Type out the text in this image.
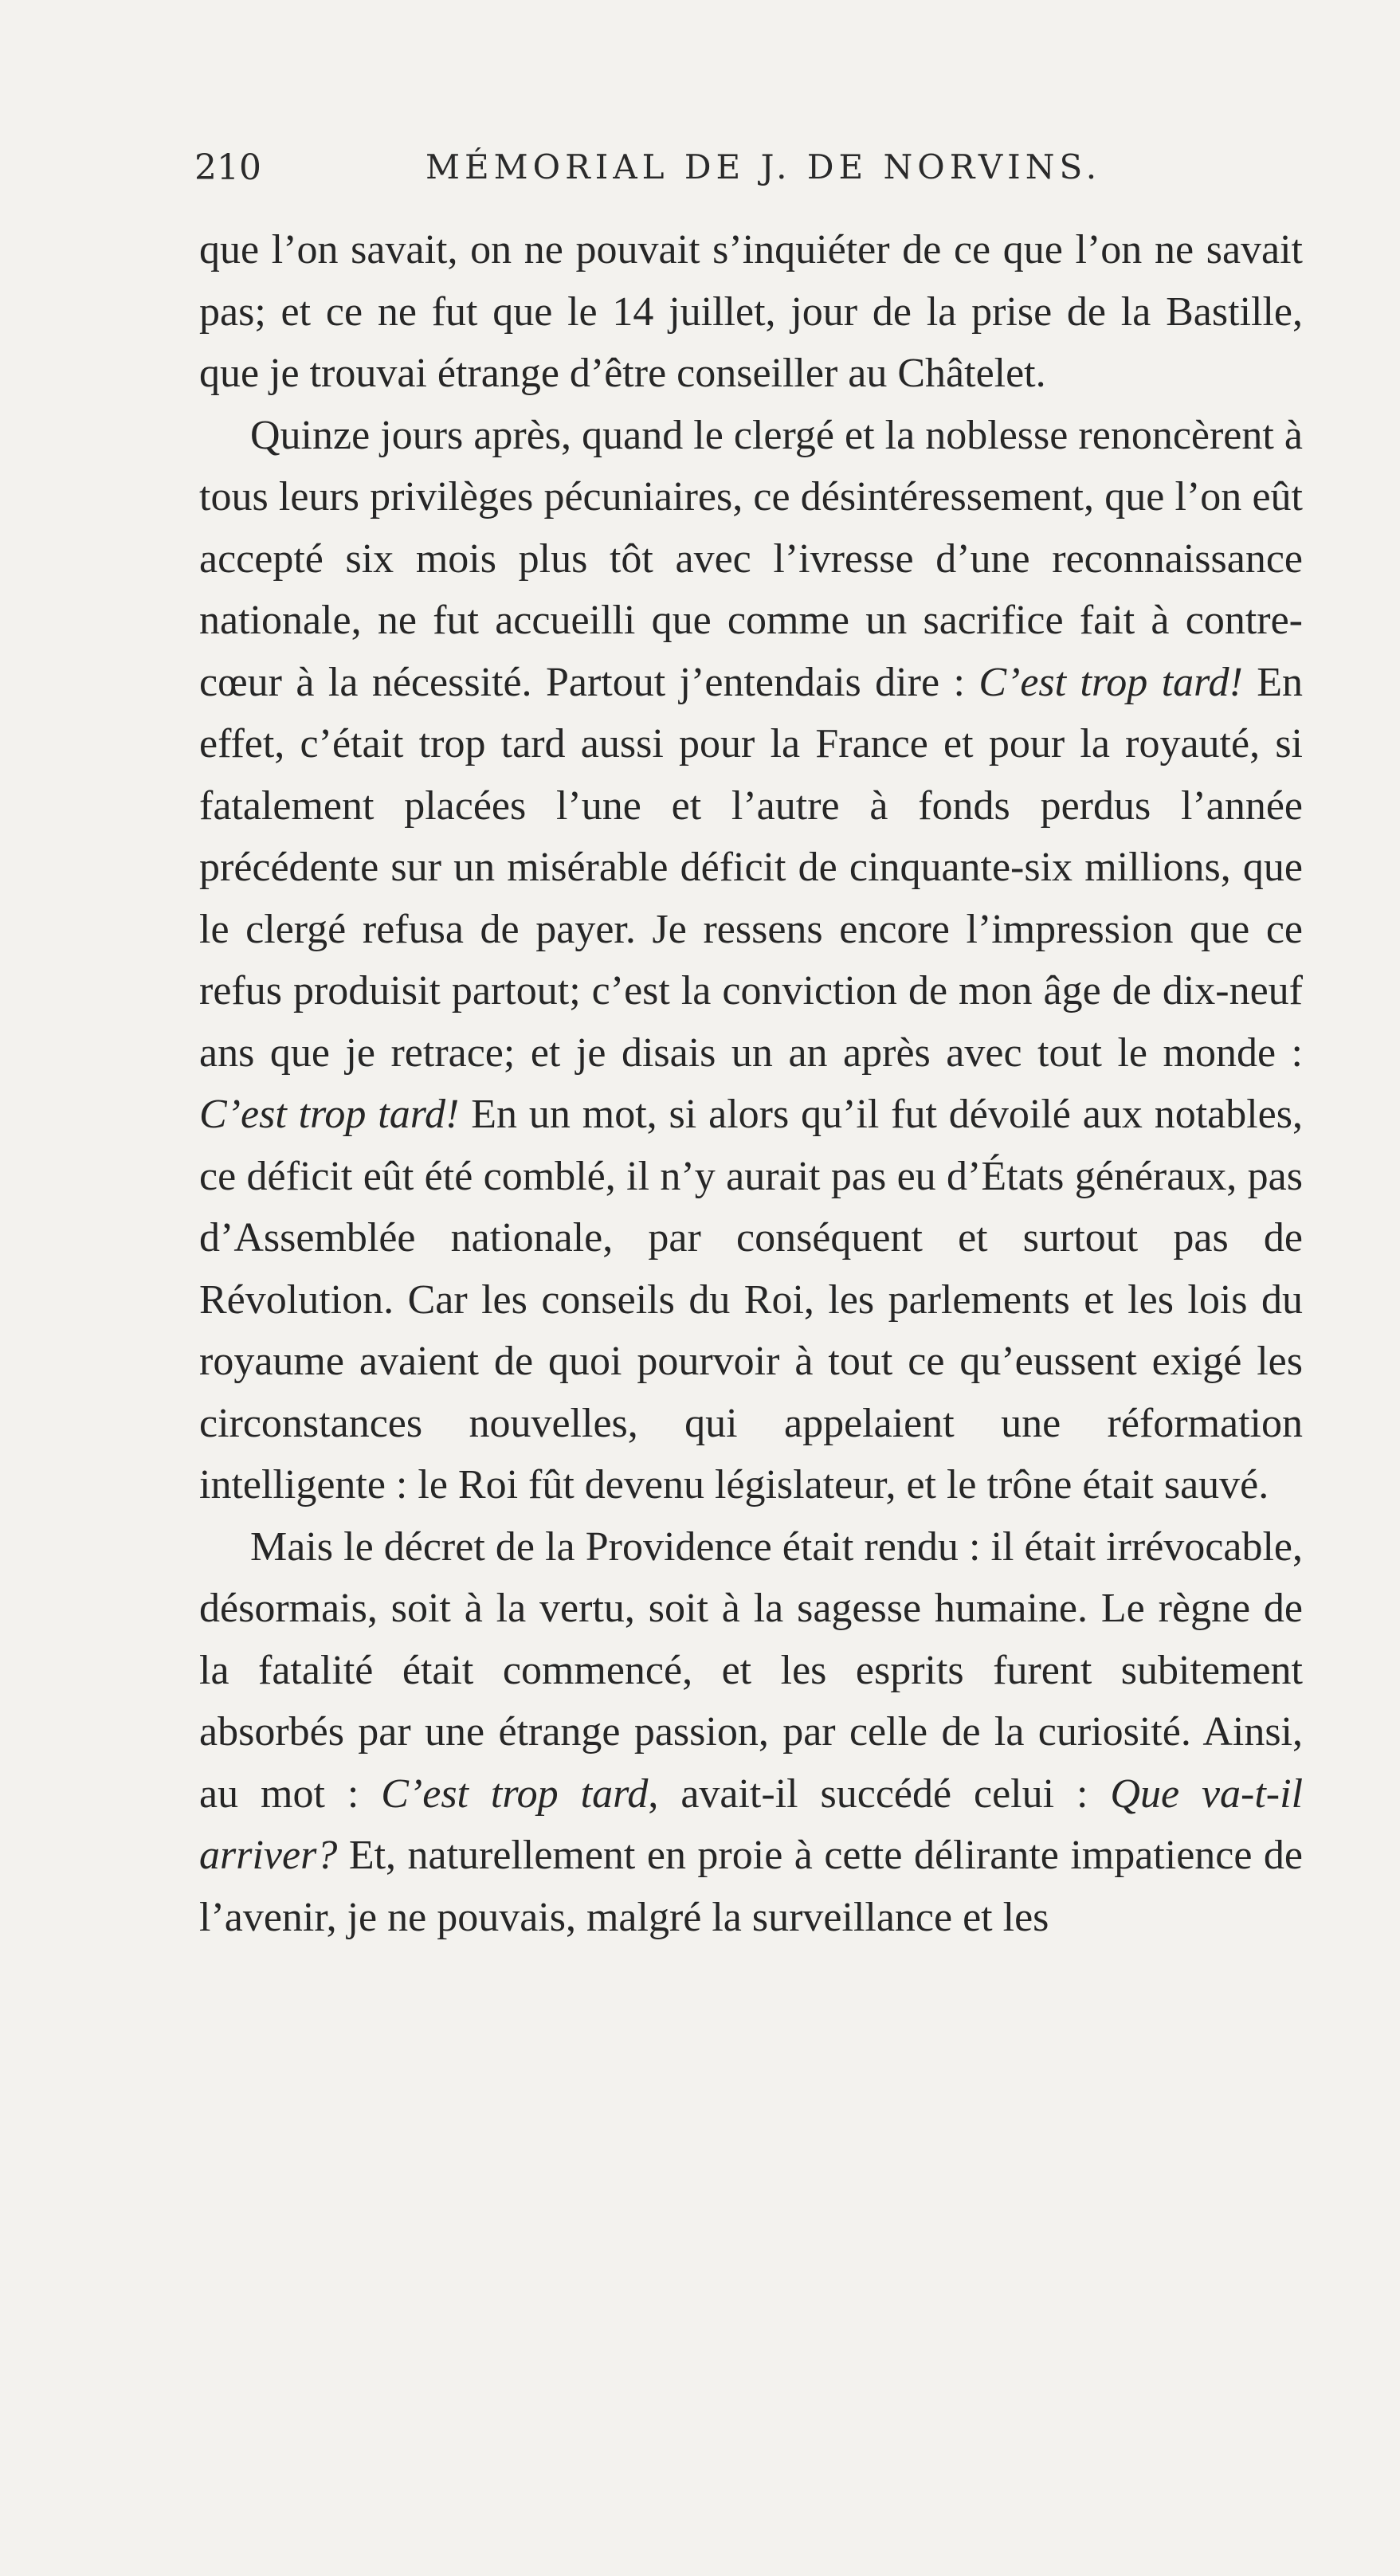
210	MÉMORIAL DE J. DE NORVINS.

que l’on savait, on ne pouvait s’inquiéter de ce que l’on ne savait pas; et ce ne fut que le 14 juillet, jour de la prise de la Bastille, que je trouvai étrange d’être conseiller au Châtelet.

Quinze jours après, quand le clergé et la noblesse renoncèrent à tous leurs privilèges pécuniaires, ce désintéressement, que l’on eût accepté six mois plus tôt avec l’ivresse d’une reconnaissance nationale, ne fut accueilli que comme un sacrifice fait à contre-cœur à la nécessité. Partout j’entendais dire : C’est trop tard! En effet, c’était trop tard aussi pour la France et pour la royauté, si fatalement placées l’une et l’autre à fonds perdus l’année précédente sur un misérable déficit de cinquante-six millions, que le clergé refusa de payer. Je ressens encore l’impression que ce refus produisit partout; c’est la conviction de mon âge de dix-neuf ans que je retrace; et je disais un an après avec tout le monde : C’est trop tard! En un mot, si alors qu’il fut dévoilé aux notables, ce déficit eût été comblé, il n’y aurait pas eu d’États généraux, pas d’Assemblée nationale, par conséquent et surtout pas de Révolution. Car les conseils du Roi, les parlements et les lois du royaume avaient de quoi pourvoir à tout ce qu’eussent exigé les circonstances nouvelles, qui appelaient une réformation intelligente : le Roi fût devenu législateur, et le trône était sauvé.

Mais le décret de la Providence était rendu : il était irrévocable, désormais, soit à la vertu, soit à la sagesse humaine. Le règne de la fatalité était commencé, et les esprits furent subitement absorbés par une étrange passion, par celle de la curiosité. Ainsi, au mot : C’est trop tard, avait-il succédé celui : Que va-t-il arriver? Et, naturellement en proie à cette délirante impatience de l’avenir, je ne pouvais, malgré la surveillance et les
